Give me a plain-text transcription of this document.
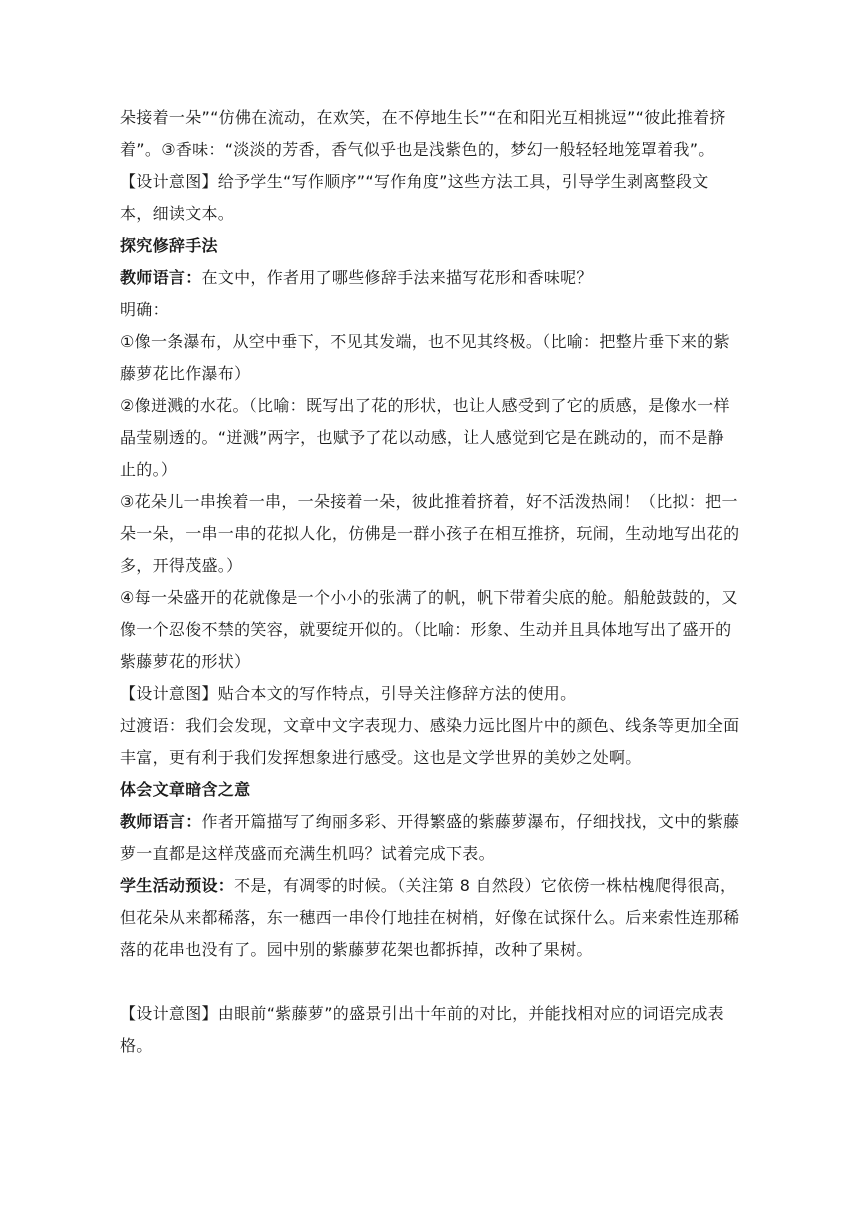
朵接着一朵”“仿佛在流动，在欢笑，在不停地生长”“在和阳光互相挑逗”“彼此推着挤着”。③香味：“淡淡的芳香，香气似乎也是浅紫色的，梦幻一般轻轻地笼罩着我”。

【设计意图】给予学生“写作顺序”“写作角度”这些方法工具，引导学生剥离整段文本，细读文本。

探究修辞手法

教师语言：在文中，作者用了哪些修辞手法来描写花形和香味呢？

明确：

①像一条瀑布，从空中垂下，不见其发端，也不见其终极。（比喻：把整片垂下来的紫藤萝花比作瀑布）

②像迸溅的水花。（比喻：既写出了花的形状，也让人感受到了它的质感，是像水一样晶莹剔透的。“迸溅”两字，也赋予了花以动感，让人感觉到它是在跳动的，而不是静止的。）

③花朵儿一串挨着一串，一朵接着一朵，彼此推着挤着，好不活泼热闹！（比拟：把一朵一朵，一串一串的花拟人化，仿佛是一群小孩子在相互推挤，玩闹，生动地写出花的多，开得茂盛。）

④每一朵盛开的花就像是一个小小的张满了的帆，帆下带着尖底的舱。船舱鼓鼓的，又像一个忍俊不禁的笑容，就要绽开似的。（比喻：形象、生动并且具体地写出了盛开的紫藤萝花的形状）

【设计意图】贴合本文的写作特点，引导关注修辞方法的使用。

过渡语：我们会发现，文章中文字表现力、感染力远比图片中的颜色、线条等更加全面丰富，更有利于我们发挥想象进行感受。这也是文学世界的美妙之处啊。

体会文章暗含之意

教师语言：作者开篇描写了绚丽多彩、开得繁盛的紫藤萝瀑布，仔细找找，文中的紫藤萝一直都是这样茂盛而充满生机吗？试着完成下表。

学生活动预设：不是，有凋零的时候。（关注第 8 自然段）它依傍一株枯槐爬得很高，但花朵从来都稀落，东一穗西一串伶仃地挂在树梢，好像在试探什么。后来索性连那稀落的花串也没有了。园中别的紫藤萝花架也都拆掉，改种了果树。

【设计意图】由眼前“紫藤萝”的盛景引出十年前的对比，并能找相对应的词语完成表格。
